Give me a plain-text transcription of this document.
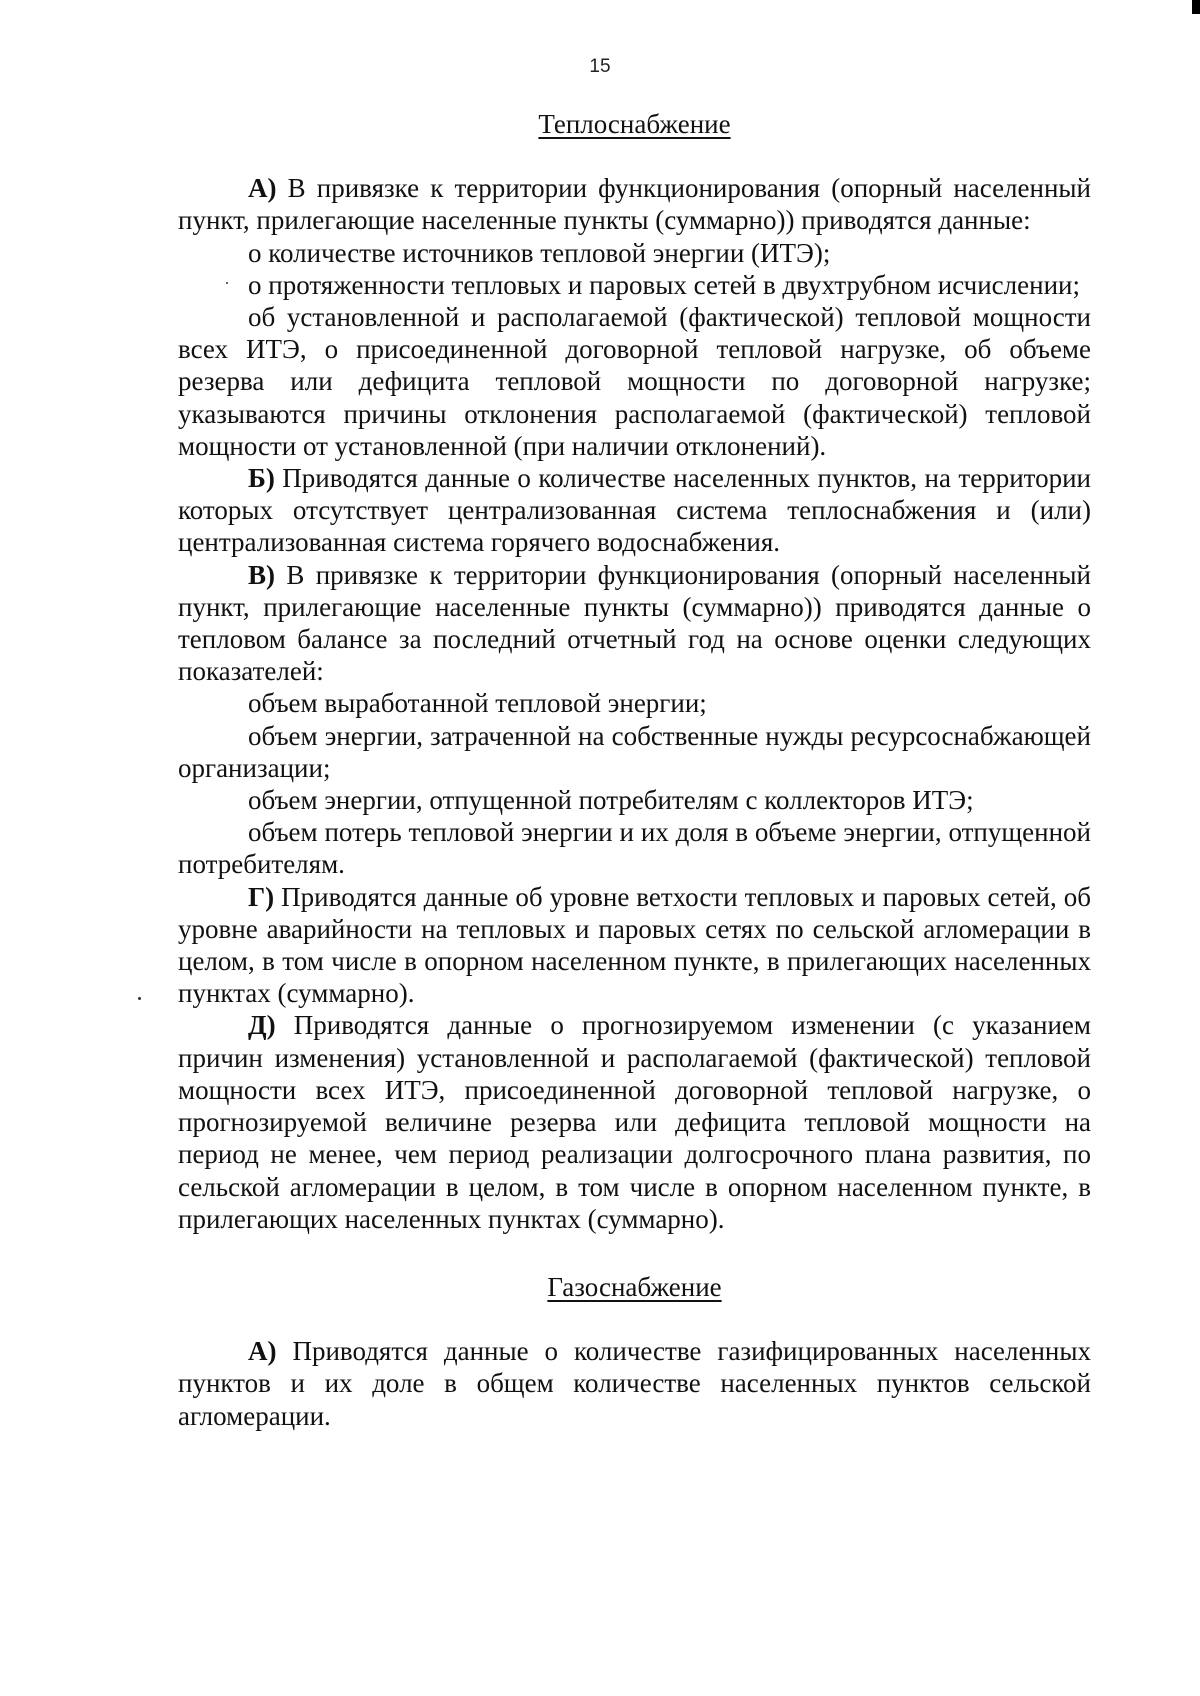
15
Теплоснабжение

А) В привязке к территории функционирования (опорный населенный пункт, прилегающие населенные пункты (суммарно)) приводятся данные:

о количестве источников тепловой энергии (ИТЭ);

о протяженности тепловых и паровых сетей в двухтрубном исчислении;

об установленной и располагаемой (фактической) тепловой мощности всех ИТЭ, о присоединенной договорной тепловой нагрузке, об объеме резерва или дефицита тепловой мощности по договорной нагрузке; указываются причины отклонения располагаемой (фактической) тепловой мощности от установленной (при наличии отклонений).

Б) Приводятся данные о количестве населенных пунктов, на территории которых отсутствует централизованная система теплоснабжения и (или) централизованная система горячего водоснабжения.

В) В привязке к территории функционирования (опорный населенный пункт, прилегающие населенные пункты (суммарно)) приводятся данные о тепловом балансе за последний отчетный год на основе оценки следующих показателей:

объем выработанной тепловой энергии;

объем энергии, затраченной на собственные нужды ресурсоснабжающей организации;

объем энергии, отпущенной потребителям с коллекторов ИТЭ;

объем потерь тепловой энергии и их доля в объеме энергии, отпущенной потребителям.

Г) Приводятся данные об уровне ветхости тепловых и паровых сетей, об уровне аварийности на тепловых и паровых сетях по сельской агломерации в целом, в том числе в опорном населенном пункте, в прилегающих населенных пунктах (суммарно).

Д) Приводятся данные о прогнозируемом изменении (с указанием причин изменения) установленной и располагаемой (фактической) тепловой мощности всех ИТЭ, присоединенной договорной тепловой нагрузке, о прогнозируемой величине резерва или дефицита тепловой мощности на период не менее, чем период реализации долгосрочного плана развития, по сельской агломерации в целом, в том числе в опорном населенном пункте, в прилегающих населенных пунктах (суммарно).

Газоснабжение

А) Приводятся данные о количестве газифицированных населенных пунктов и их доле в общем количестве населенных пунктов сельской агломерации.
